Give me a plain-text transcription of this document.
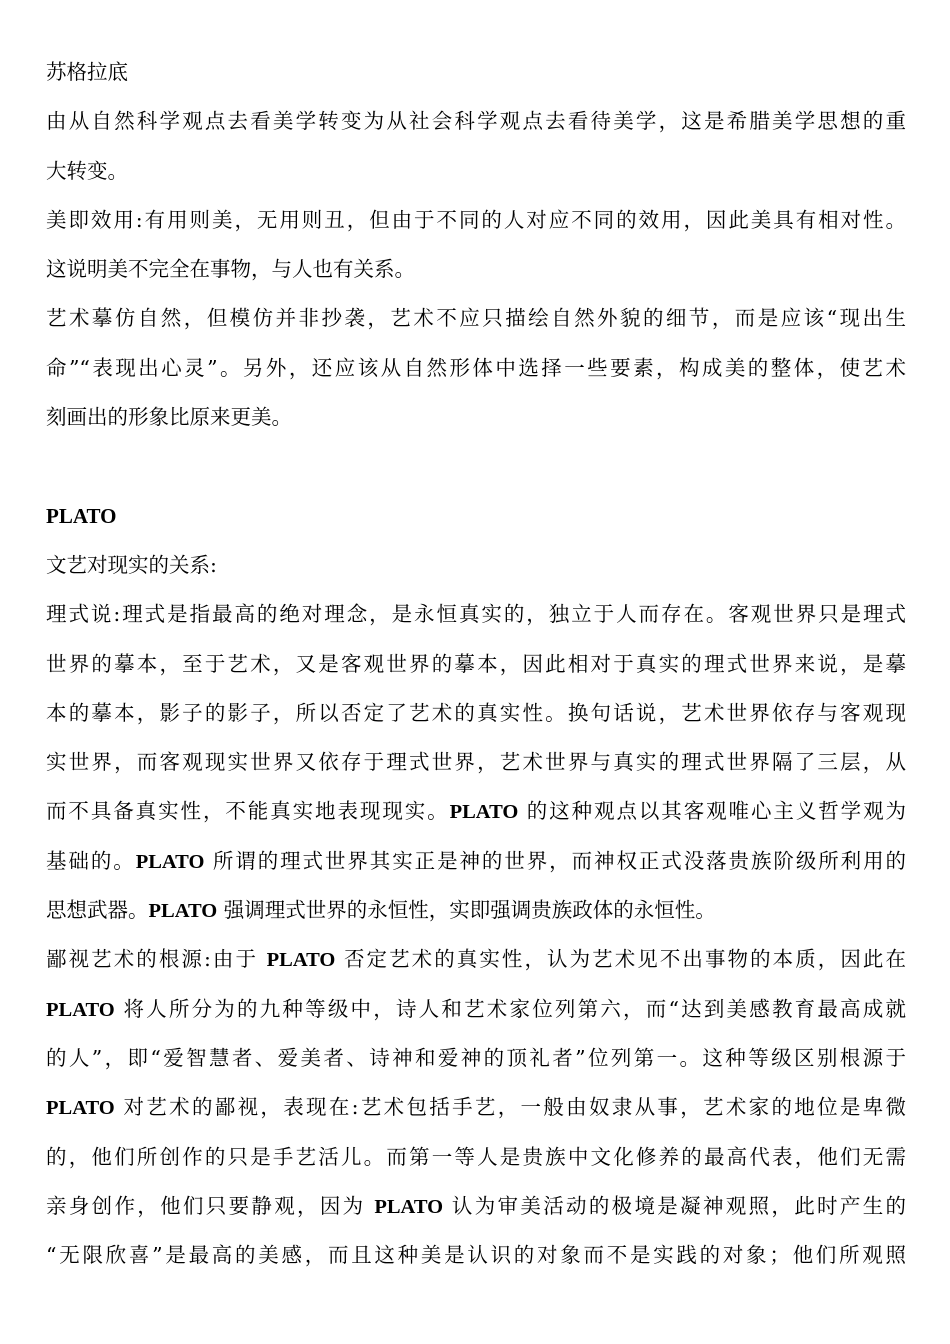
苏格拉底
由从自然科学观点去看美学转变为从社会科学观点去看待美学，这是希腊美学思想的重
大转变。
美即效用:有用则美，无用则丑，但由于不同的人对应不同的效用，因此美具有相对性。
这说明美不完全在事物，与人也有关系。
艺术摹仿自然，但模仿并非抄袭，艺术不应只描绘自然外貌的细节，而是应该“现出生
命”“表现出心灵”。另外，还应该从自然形体中选择一些要素，构成美的整体，使艺术
刻画出的形象比原来更美。
PLATO
文艺对现实的关系:
理式说:理式是指最高的绝对理念，是永恒真实的，独立于人而存在。客观世界只是理式
世界的摹本，至于艺术，又是客观世界的摹本，因此相对于真实的理式世界来说，是摹
本的摹本，影子的影子，所以否定了艺术的真实性。换句话说，艺术世界依存与客观现
实世界，而客观现实世界又依存于理式世界，艺术世界与真实的理式世界隔了三层，从
而不具备真实性，不能真实地表现现实。PLATO 的这种观点以其客观唯心主义哲学观为
基础的。PLATO 所谓的理式世界其实正是神的世界，而神权正式没落贵族阶级所利用的
思想武器。PLATO 强调理式世界的永恒性，实即强调贵族政体的永恒性。
鄙视艺术的根源:由于 PLATO 否定艺术的真实性，认为艺术见不出事物的本质，因此在
PLATO 将人所分为的九种等级中，诗人和艺术家位列第六，而“达到美感教育最高成就
的人”，即“爱智慧者、爱美者、诗神和爱神的顶礼者”位列第一。这种等级区别根源于
PLATO 对艺术的鄙视，表现在:艺术包括手艺，一般由奴隶从事，艺术家的地位是卑微
的，他们所创作的只是手艺活儿。而第一等人是贵族中文化修养的最高代表，他们无需
亲身创作，他们只要静观，因为 PLATO 认为审美活动的极境是凝神观照，此时产生的
“无限欣喜”是最高的美感，而且这种美是认识的对象而不是实践的对象；他们所观照
